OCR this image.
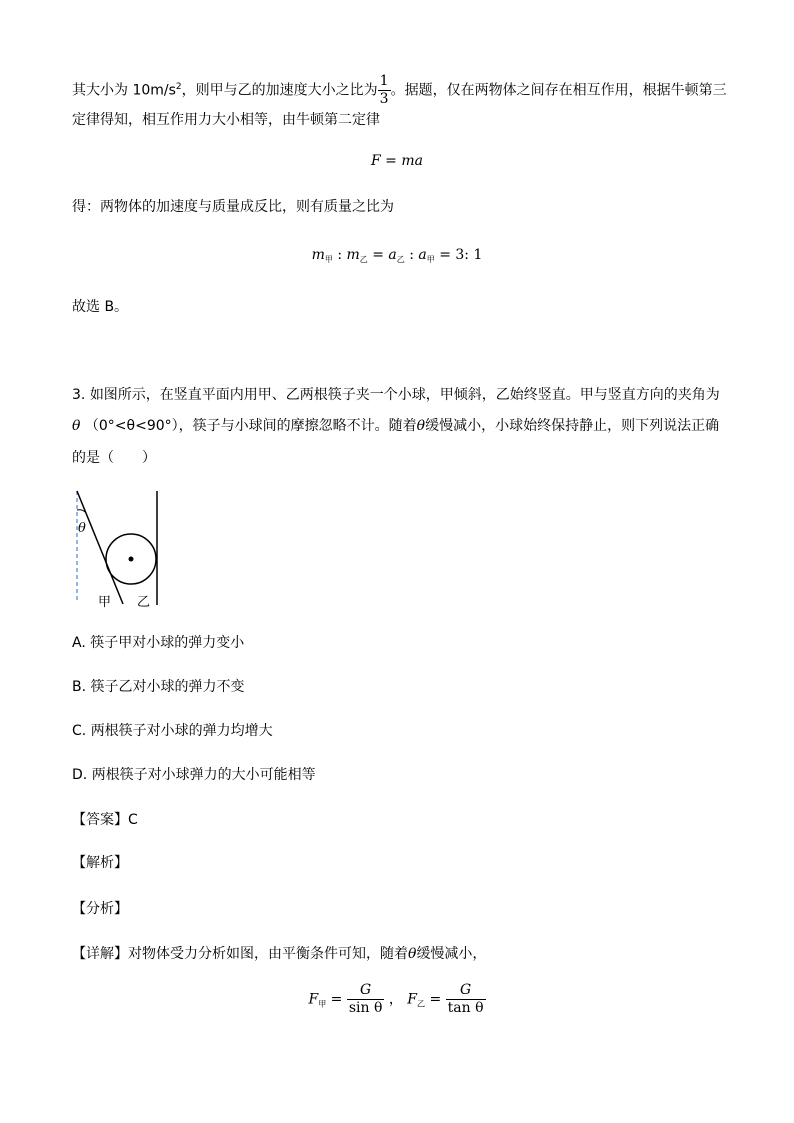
其大小为 $10m/s^2$，则甲与乙的加速度大小之比为 $\frac{1}{3}$ 。据题，仅在两物体之间存在相互作用，根据牛顿第三
定律得知，相互作用力大小相等，由牛顿第二定律
F = ma
得：两物体的加速度与质量成反比，则有质量之比为
$m_甲$ : $m_乙 = a_乙$ : $a_甲 = 3$: 1
故选 B。
3. 如图所示，在竖直平面内用甲、乙两根筷子夹一个小球，甲倾斜，乙始终竖直。甲与竖直方向的夹角为
θ （0°<θ<90°），筷子与小球间的摩擦忽略不计。随着θ缓慢减小，小球始终保持静止，则下列说法正确
的是（　　）
θ
甲 乙
A. 筷子甲对小球的弹力变小
B. 筷子乙对小球的弹力不变
C. 两根筷子对小球的弹力均增大
D. 两根筷子对小球弹力的大小可能相等
【答案】C
【解析】
【分析】
【详解】对物体受力分析如图，由平衡条件可知，随着θ缓慢减小，
$F_甲 = \frac{G}{\text{sin θ}}$ ， $F_乙 = \frac{G}{\text{tan θ}}$
